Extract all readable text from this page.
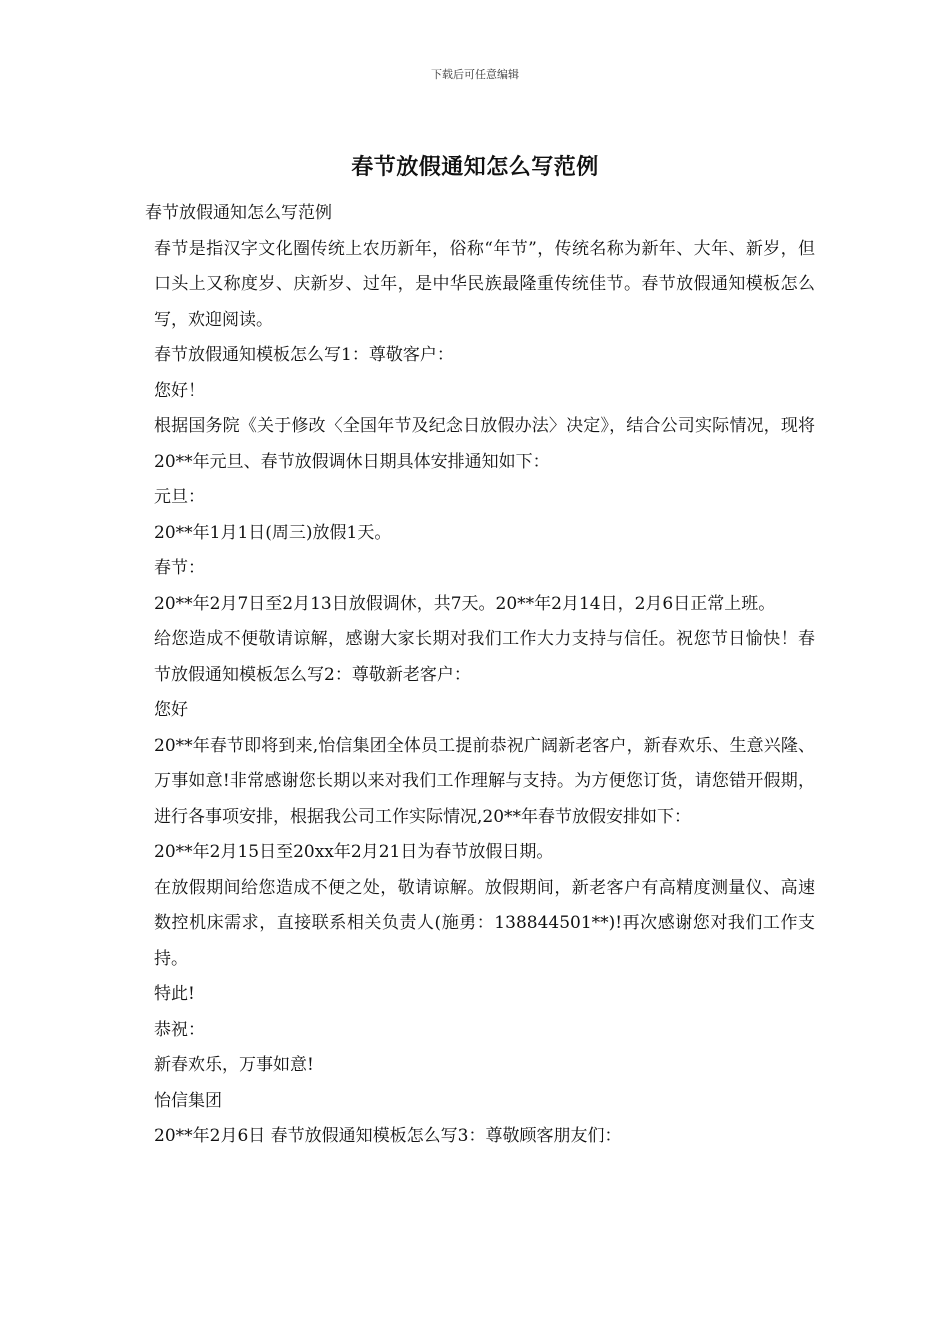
下载后可任意编辑
春节放假通知怎么写范例

春节放假通知怎么写范例

春节是指汉字文化圈传统上农历新年，俗称“年节”，传统名称为新年、大年、新岁，但口头上又称度岁、庆新岁、过年，是中华民族最隆重传统佳节。春节放假通知模板怎么写，欢迎阅读。

春节放假通知模板怎么写1：尊敬客户：

您好！

根据国务院《关于修改〈全国年节及纪念日放假办法〉决定》，结合公司实际情况，现将20**年元旦、春节放假调休日期具体安排通知如下：

元旦：

20**年1月1日(周三)放假1天。

春节：

20**年2月7日至2月13日放假调休，共7天。20**年2月14日，2月6日正常上班。

给您造成不便敬请谅解，感谢大家长期对我们工作大力支持与信任。祝您节日愉快！春节放假通知模板怎么写2：尊敬新老客户：

您好

20**年春节即将到来,怡信集团全体员工提前恭祝广阔新老客户，新春欢乐、生意兴隆、万事如意!非常感谢您长期以来对我们工作理解与支持。为方便您订货，请您错开假期，进行各事项安排，根据我公司工作实际情况,20**年春节放假安排如下：

20**年2月15日至20xx年2月21日为春节放假日期。

在放假期间给您造成不便之处，敬请谅解。放假期间，新老客户有高精度测量仪、高速数控机床需求，直接联系相关负责人(施勇：138844501**)!再次感谢您对我们工作支持。

特此!

恭祝：

新春欢乐，万事如意!

怡信集团

20**年2月6日 春节放假通知模板怎么写3：尊敬顾客朋友们：
